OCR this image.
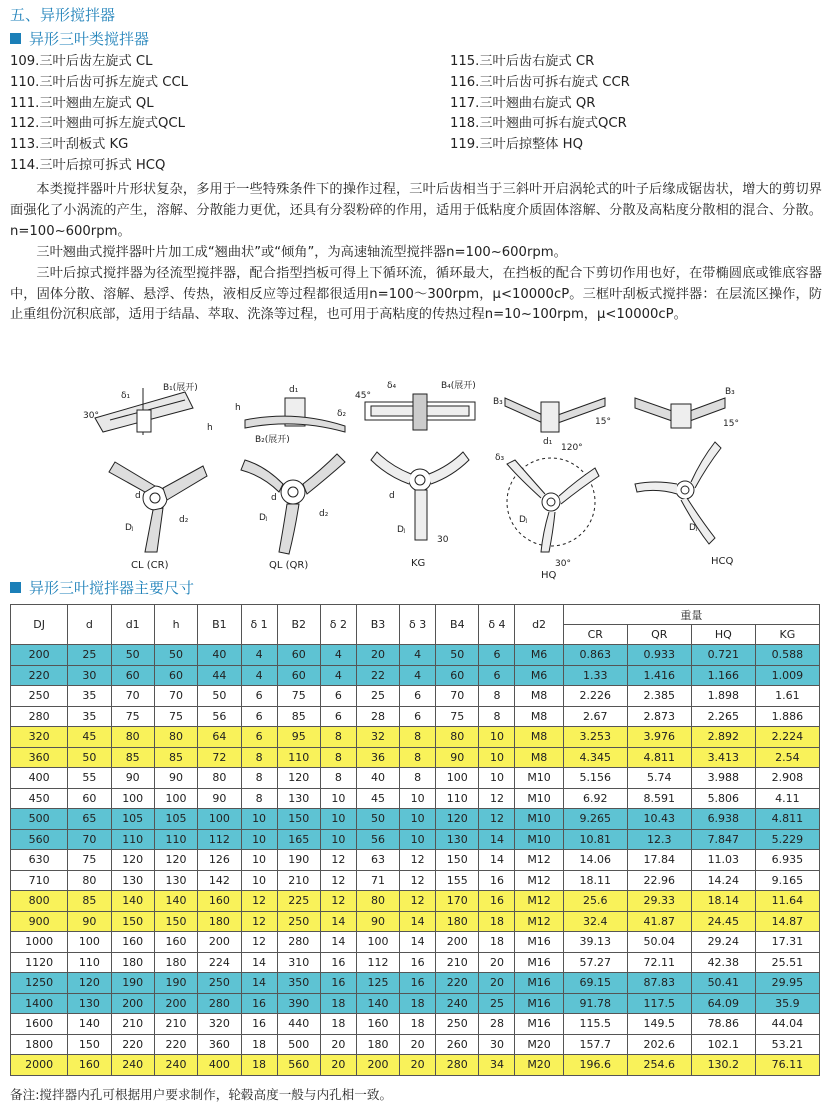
五、异形搅拌器
异形三叶类搅拌器
109.三叶后齿左旋式 CL
110.三叶后齿可拆左旋式 CCL
111.三叶翘曲左旋式 QL
112.三叶翘曲可拆左旋式QCL
113.三叶刮板式 KG
114.三叶后掠可拆式 HCQ
115.三叶后齿右旋式 CR
116.三叶后齿可拆右旋式 CCR
117.三叶翘曲右旋式 QR
118.三叶翘曲可拆右旋式QCR
119.三叶后掠整体 HQ

本类搅拌器叶片形状复杂，多用于一些特殊条件下的操作过程，三叶后齿相当于三斜叶开启涡轮式的叶子后缘成锯齿状，增大的剪切界面强化了小涡流的产生，溶解、分散能力更优，还具有分裂粉碎的作用，适用于低粘度介质固体溶解、分散及高粘度分散相的混合、分散。n=100~600rpm。

三叶翘曲式搅拌器叶片加工成“翘曲状”或“倾角”，为高速轴流型搅拌器n=100~600rpm。

三叶后掠式搅拌器为径流型搅拌器，配合指型挡板可得上下循环流，循环最大，在挡板的配合下剪切作用也好，在带椭圆底或锥底容器中，固体分散、溶解、悬浮、传热，液相反应等过程都很适用n=100～300rpm，μ<10000cP。三框叶刮板式搅拌器：在层流区操作，防止重组份沉积底部，适用于结晶、萃取、洗涤等过程，也可用于高粘度的传热过程n=10~100rpm，μ<10000cP。

30°
B₁(展开)
δ₁
h
d
Dⱼ
d₂
CL (CR)
d₁
B₂(展开)
δ₂
h
d
Dⱼ	d₂
QL (QR)
45°
δ₄	B₄(展开)
d
Dⱼ
30
KG
B₃
d₁
15°
120°
δ₃
Dⱼ
30°
HQ
B₃
15°
Dⱼ
HCQ
异形三叶搅拌器主要尺寸
DJ	d	d1	h	B1	δ 1	B2	δ 2	B3	δ 3	B4	δ 4	d2	重量			
													CR	QR	HQ	KG
200	25	50	50	40	4	60	4	20	4	50	6	M6	0.863	0.933	0.721	0.588
220	30	60	60	44	4	60	4	22	4	60	6	M6	1.33	1.416	1.166	1.009
250	35	70	70	50	6	75	6	25	6	70	8	M8	2.226	2.385	1.898	1.61
280	35	75	75	56	6	85	6	28	6	75	8	M8	2.67	2.873	2.265	1.886
320	45	80	80	64	6	95	8	32	8	80	10	M8	3.253	3.976	2.892	2.224
360	50	85	85	72	8	110	8	36	8	90	10	M8	4.345	4.811	3.413	2.54
400	55	90	90	80	8	120	8	40	8	100	10	M10	5.156	5.74	3.988	2.908
450	60	100	100	90	8	130	10	45	10	110	12	M10	6.92	8.591	5.806	4.11
500	65	105	105	100	10	150	10	50	10	120	12	M10	9.265	10.43	6.938	4.811
560	70	110	110	112	10	165	10	56	10	130	14	M10	10.81	12.3	7.847	5.229
630	75	120	120	126	10	190	12	63	12	150	14	M12	14.06	17.84	11.03	6.935
710	80	130	130	142	10	210	12	71	12	155	16	M12	18.11	22.96	14.24	9.165
800	85	140	140	160	12	225	12	80	12	170	16	M12	25.6	29.33	18.14	11.64
900	90	150	150	180	12	250	14	90	14	180	18	M12	32.4	41.87	24.45	14.87
1000	100	160	160	200	12	280	14	100	14	200	18	M16	39.13	50.04	29.24	17.31
1120	110	180	180	224	14	310	16	112	16	210	20	M16	57.27	72.11	42.38	25.51
1250	120	190	190	250	14	350	16	125	16	220	20	M16	69.15	87.83	50.41	29.95
1400	130	200	200	280	16	390	18	140	18	240	25	M16	91.78	117.5	64.09	35.9
1600	140	210	210	320	16	440	18	160	18	250	28	M16	115.5	149.5	78.86	44.04
1800	150	220	220	360	18	500	20	180	20	260	30	M20	157.7	202.6	102.1	53.21
2000	160	240	240	400	18	560	20	200	20	280	34	M20	196.6	254.6	130.2	76.11
备注:搅拌器内孔可根据用户要求制作，轮毂高度一般与内孔相一致。
